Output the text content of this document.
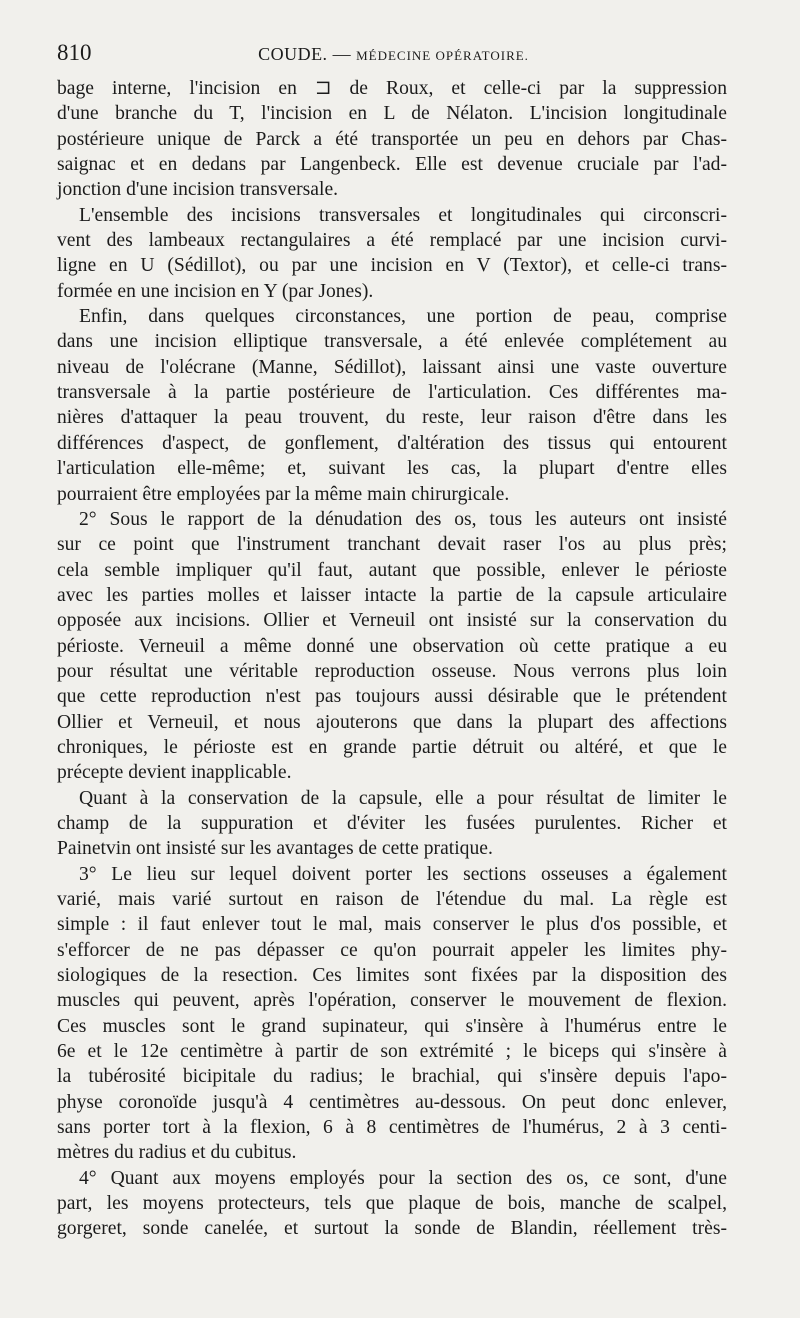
810	COUDE. — MÉDECINE OPÉRATOIRE.
bage interne, l'incision en ⊐ de Roux, et celle-ci par la suppression
d'une branche du T, l'incision en L de Nélaton. L'incision longitudinale
postérieure unique de Parck a été transportée un peu en dehors par Chas-
saignac et en dedans par Langenbeck. Elle est devenue cruciale par l'ad-
jonction d'une incision transversale.
L'ensemble des incisions transversales et longitudinales qui circonscri-
vent des lambeaux rectangulaires a été remplacé par une incision curvi-
ligne en U (Sédillot), ou par une incision en V (Textor), et celle-ci trans-
formée en une incision en Y (par Jones).
Enfin, dans quelques circonstances, une portion de peau, comprise
dans une incision elliptique transversale, a été enlevée complétement au
niveau de l'olécrane (Manne, Sédillot), laissant ainsi une vaste ouverture
transversale à la partie postérieure de l'articulation. Ces différentes ma-
nières d'attaquer la peau trouvent, du reste, leur raison d'être dans les
différences d'aspect, de gonflement, d'altération des tissus qui entourent
l'articulation elle-même; et, suivant les cas, la plupart d'entre elles
pourraient être employées par la même main chirurgicale.
2° Sous le rapport de la dénudation des os, tous les auteurs ont insisté
sur ce point que l'instrument tranchant devait raser l'os au plus près;
cela semble impliquer qu'il faut, autant que possible, enlever le périoste
avec les parties molles et laisser intacte la partie de la capsule articulaire
opposée aux incisions. Ollier et Verneuil ont insisté sur la conservation du
périoste. Verneuil a même donné une observation où cette pratique a eu
pour résultat une véritable reproduction osseuse. Nous verrons plus loin
que cette reproduction n'est pas toujours aussi désirable que le prétendent
Ollier et Verneuil, et nous ajouterons que dans la plupart des affections
chroniques, le périoste est en grande partie détruit ou altéré, et que le
précepte devient inapplicable.
Quant à la conservation de la capsule, elle a pour résultat de limiter le
champ de la suppuration et d'éviter les fusées purulentes. Richer et
Painetvin ont insisté sur les avantages de cette pratique.
3° Le lieu sur lequel doivent porter les sections osseuses a également
varié, mais varié surtout en raison de l'étendue du mal. La règle est
simple : il faut enlever tout le mal, mais conserver le plus d'os possible, et
s'efforcer de ne pas dépasser ce qu'on pourrait appeler les limites phy-
siologiques de la resection. Ces limites sont fixées par la disposition des
muscles qui peuvent, après l'opération, conserver le mouvement de flexion.
Ces muscles sont le grand supinateur, qui s'insère à l'humérus entre le
6e et le 12e centimètre à partir de son extrémité ; le biceps qui s'insère à
la tubérosité bicipitale du radius; le brachial, qui s'insère depuis l'apo-
physe coronoïde jusqu'à 4 centimètres au-dessous. On peut donc enlever,
sans porter tort à la flexion, 6 à 8 centimètres de l'humérus, 2 à 3 centi-
mètres du radius et du cubitus.
4° Quant aux moyens employés pour la section des os, ce sont, d'une
part, les moyens protecteurs, tels que plaque de bois, manche de scalpel,
gorgeret, sonde canelée, et surtout la sonde de Blandin, réellement très-
